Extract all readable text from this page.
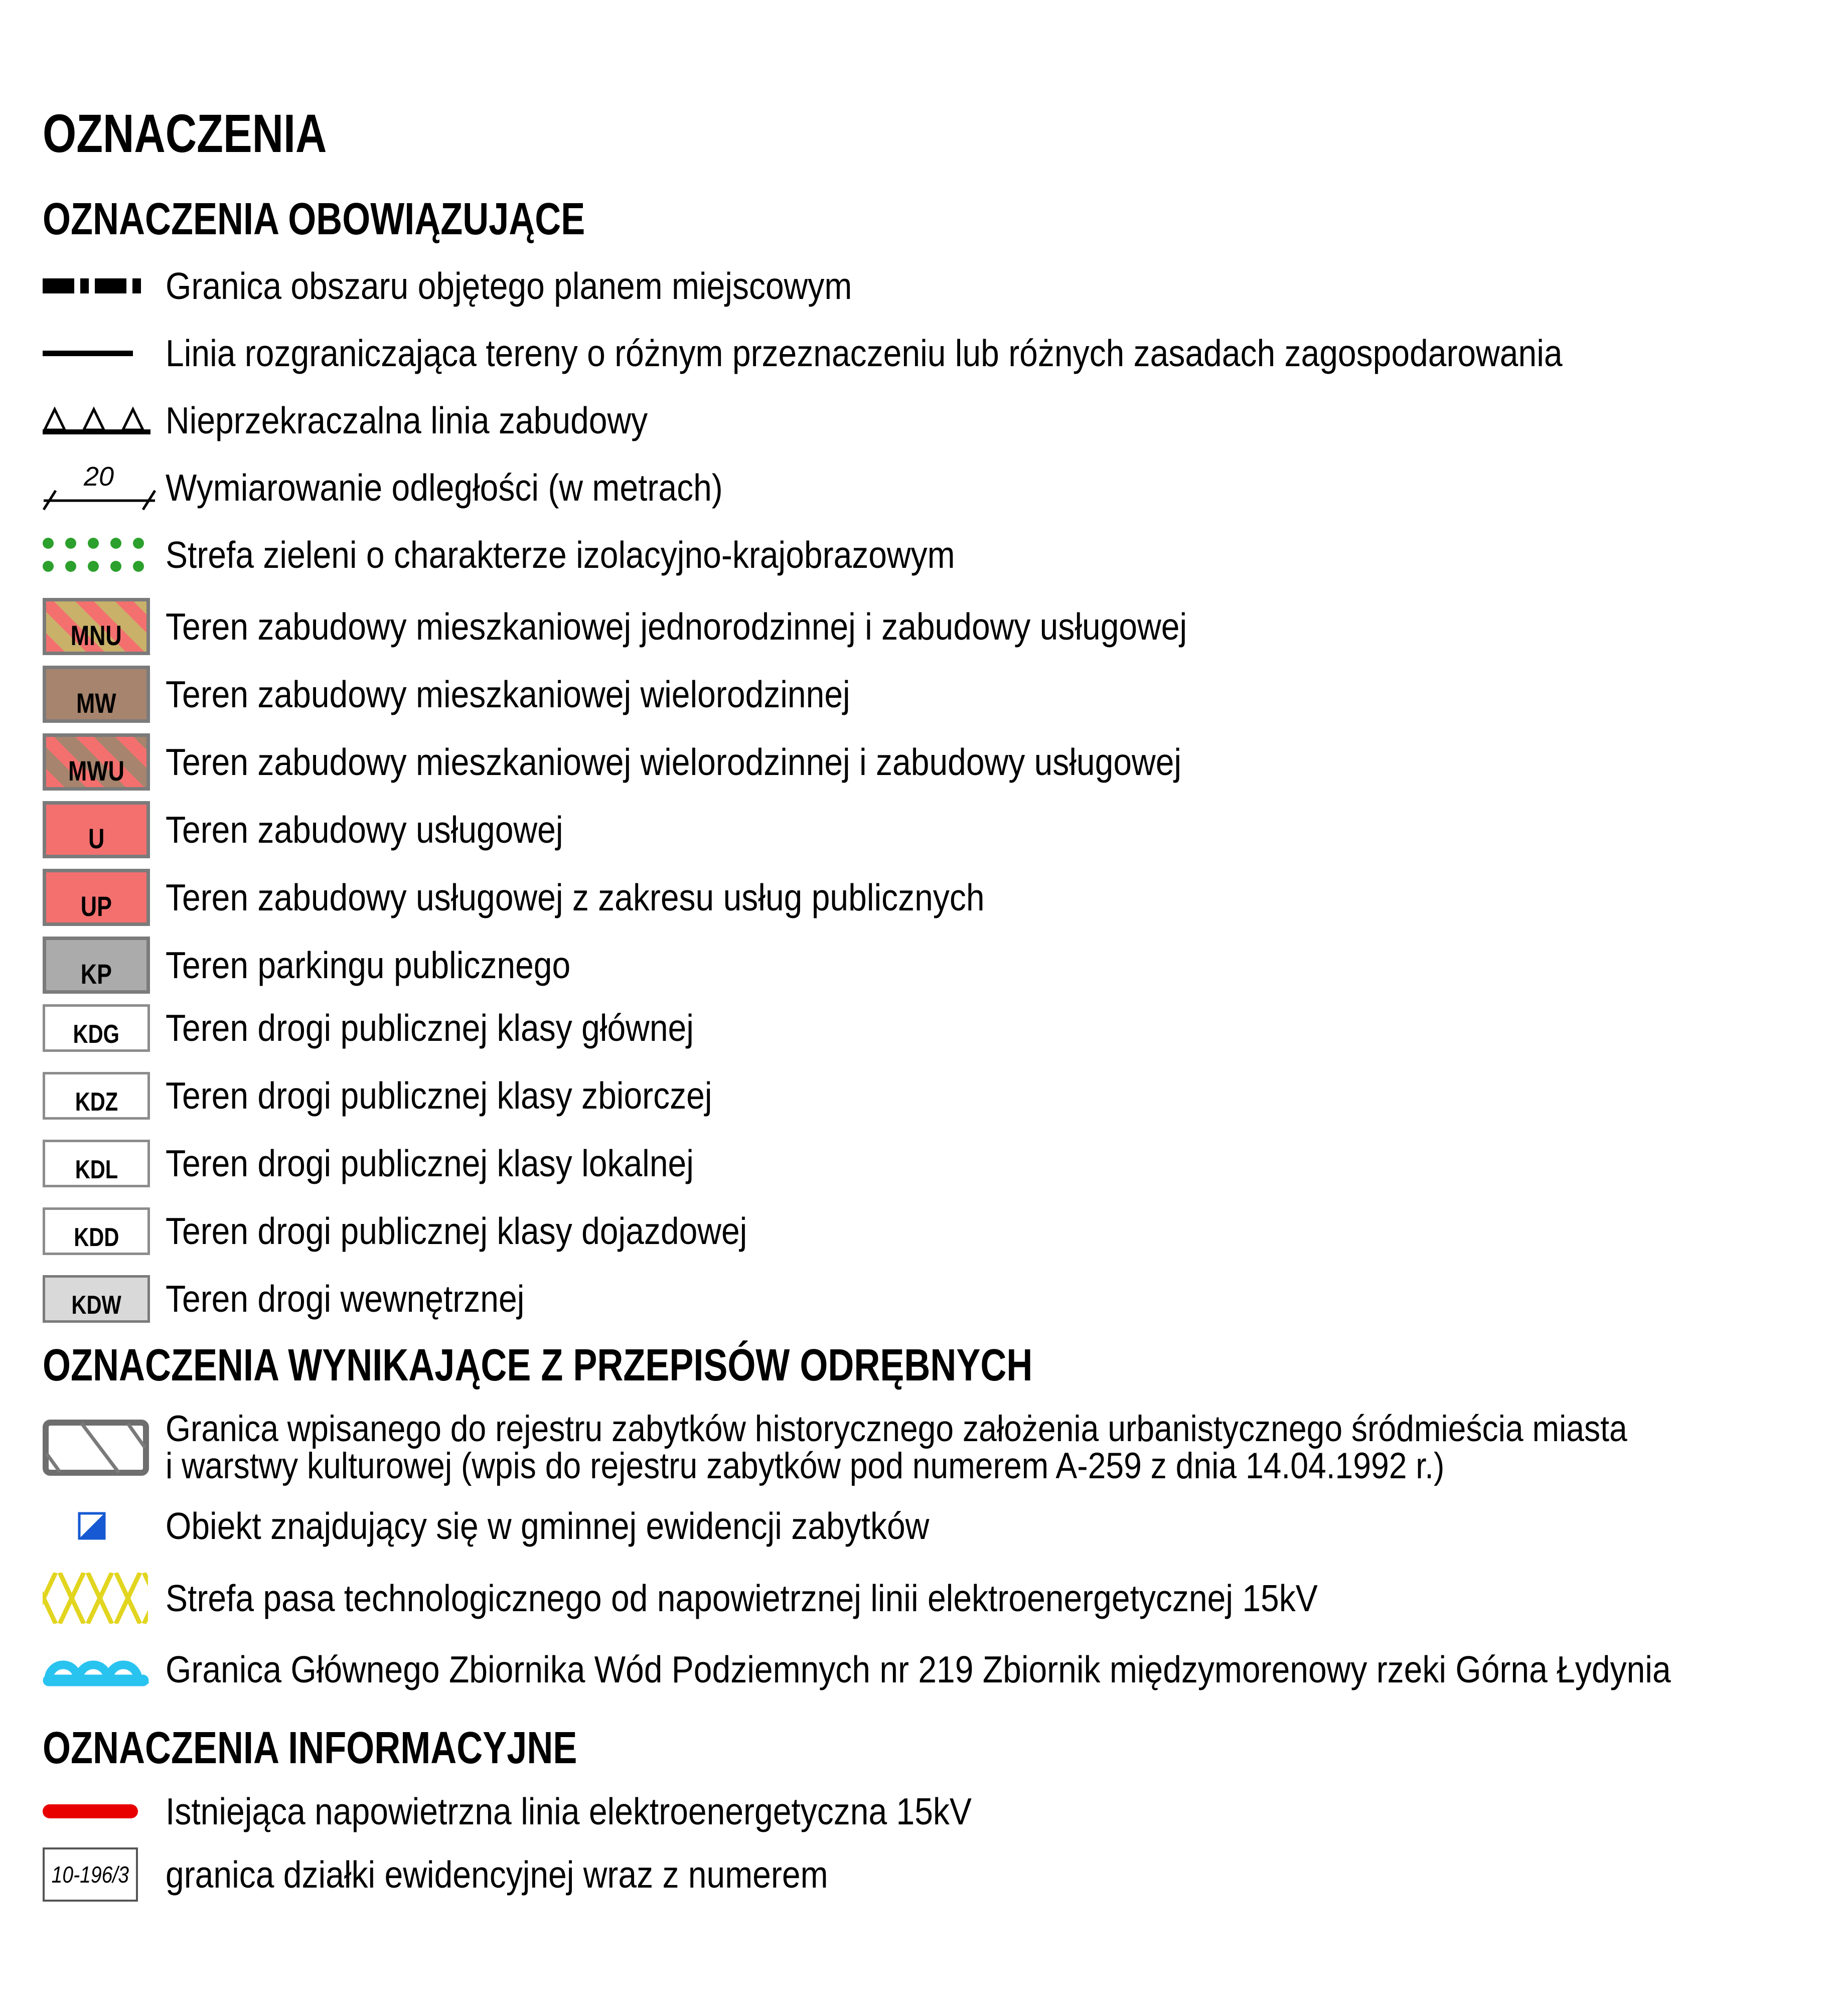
OZNACZENIA
OZNACZENIA OBOWIĄZUJĄCE
Granica obszaru objętego planem miejscowym
Linia rozgraniczająca tereny o różnym przeznaczeniu lub różnych zasadach zagospodarowania
Nieprzekraczalna linia zabudowy
20 Wymiarowanie odległości (w metrach)
Strefa zieleni o charakterze izolacyjno-krajobrazowym
MNU	Teren zabudowy mieszkaniowej jednorodzinnej i zabudowy usługowej
MW	Teren zabudowy mieszkaniowej wielorodzinnej
MWU	Teren zabudowy mieszkaniowej wielorodzinnej i zabudowy usługowej
U	Teren zabudowy usługowej
UP	Teren zabudowy usługowej z zakresu usług publicznych
KP	Teren parkingu publicznego
KDG	Teren drogi publicznej klasy głównej
KDZ	Teren drogi publicznej klasy zbiorczej
KDL	Teren drogi publicznej klasy lokalnej
KDD	Teren drogi publicznej klasy dojazdowej
KDW	Teren drogi wewnętrznej
OZNACZENIA WYNIKAJĄCE Z PRZEPISÓW ODRĘBNYCH
Granica wpisanego do rejestru zabytków historycznego założenia urbanistycznego śródmieścia miasta
i warstwy kulturowej (wpis do rejestru zabytków pod numerem A-259 z dnia 14.04.1992 r.)
Obiekt znajdujący się w gminnej ewidencji zabytków
Strefa pasa technologicznego od napowietrznej linii elektroenergetycznej 15kV
Granica Głównego Zbiornika Wód Podziemnych nr 219 Zbiornik międzymorenowy rzeki Górna Łydynia
OZNACZENIA INFORMACYJNE
Istniejąca napowietrzna linia elektroenergetyczna 15kV
10-196/3 granica działki ewidencyjnej wraz z numerem
